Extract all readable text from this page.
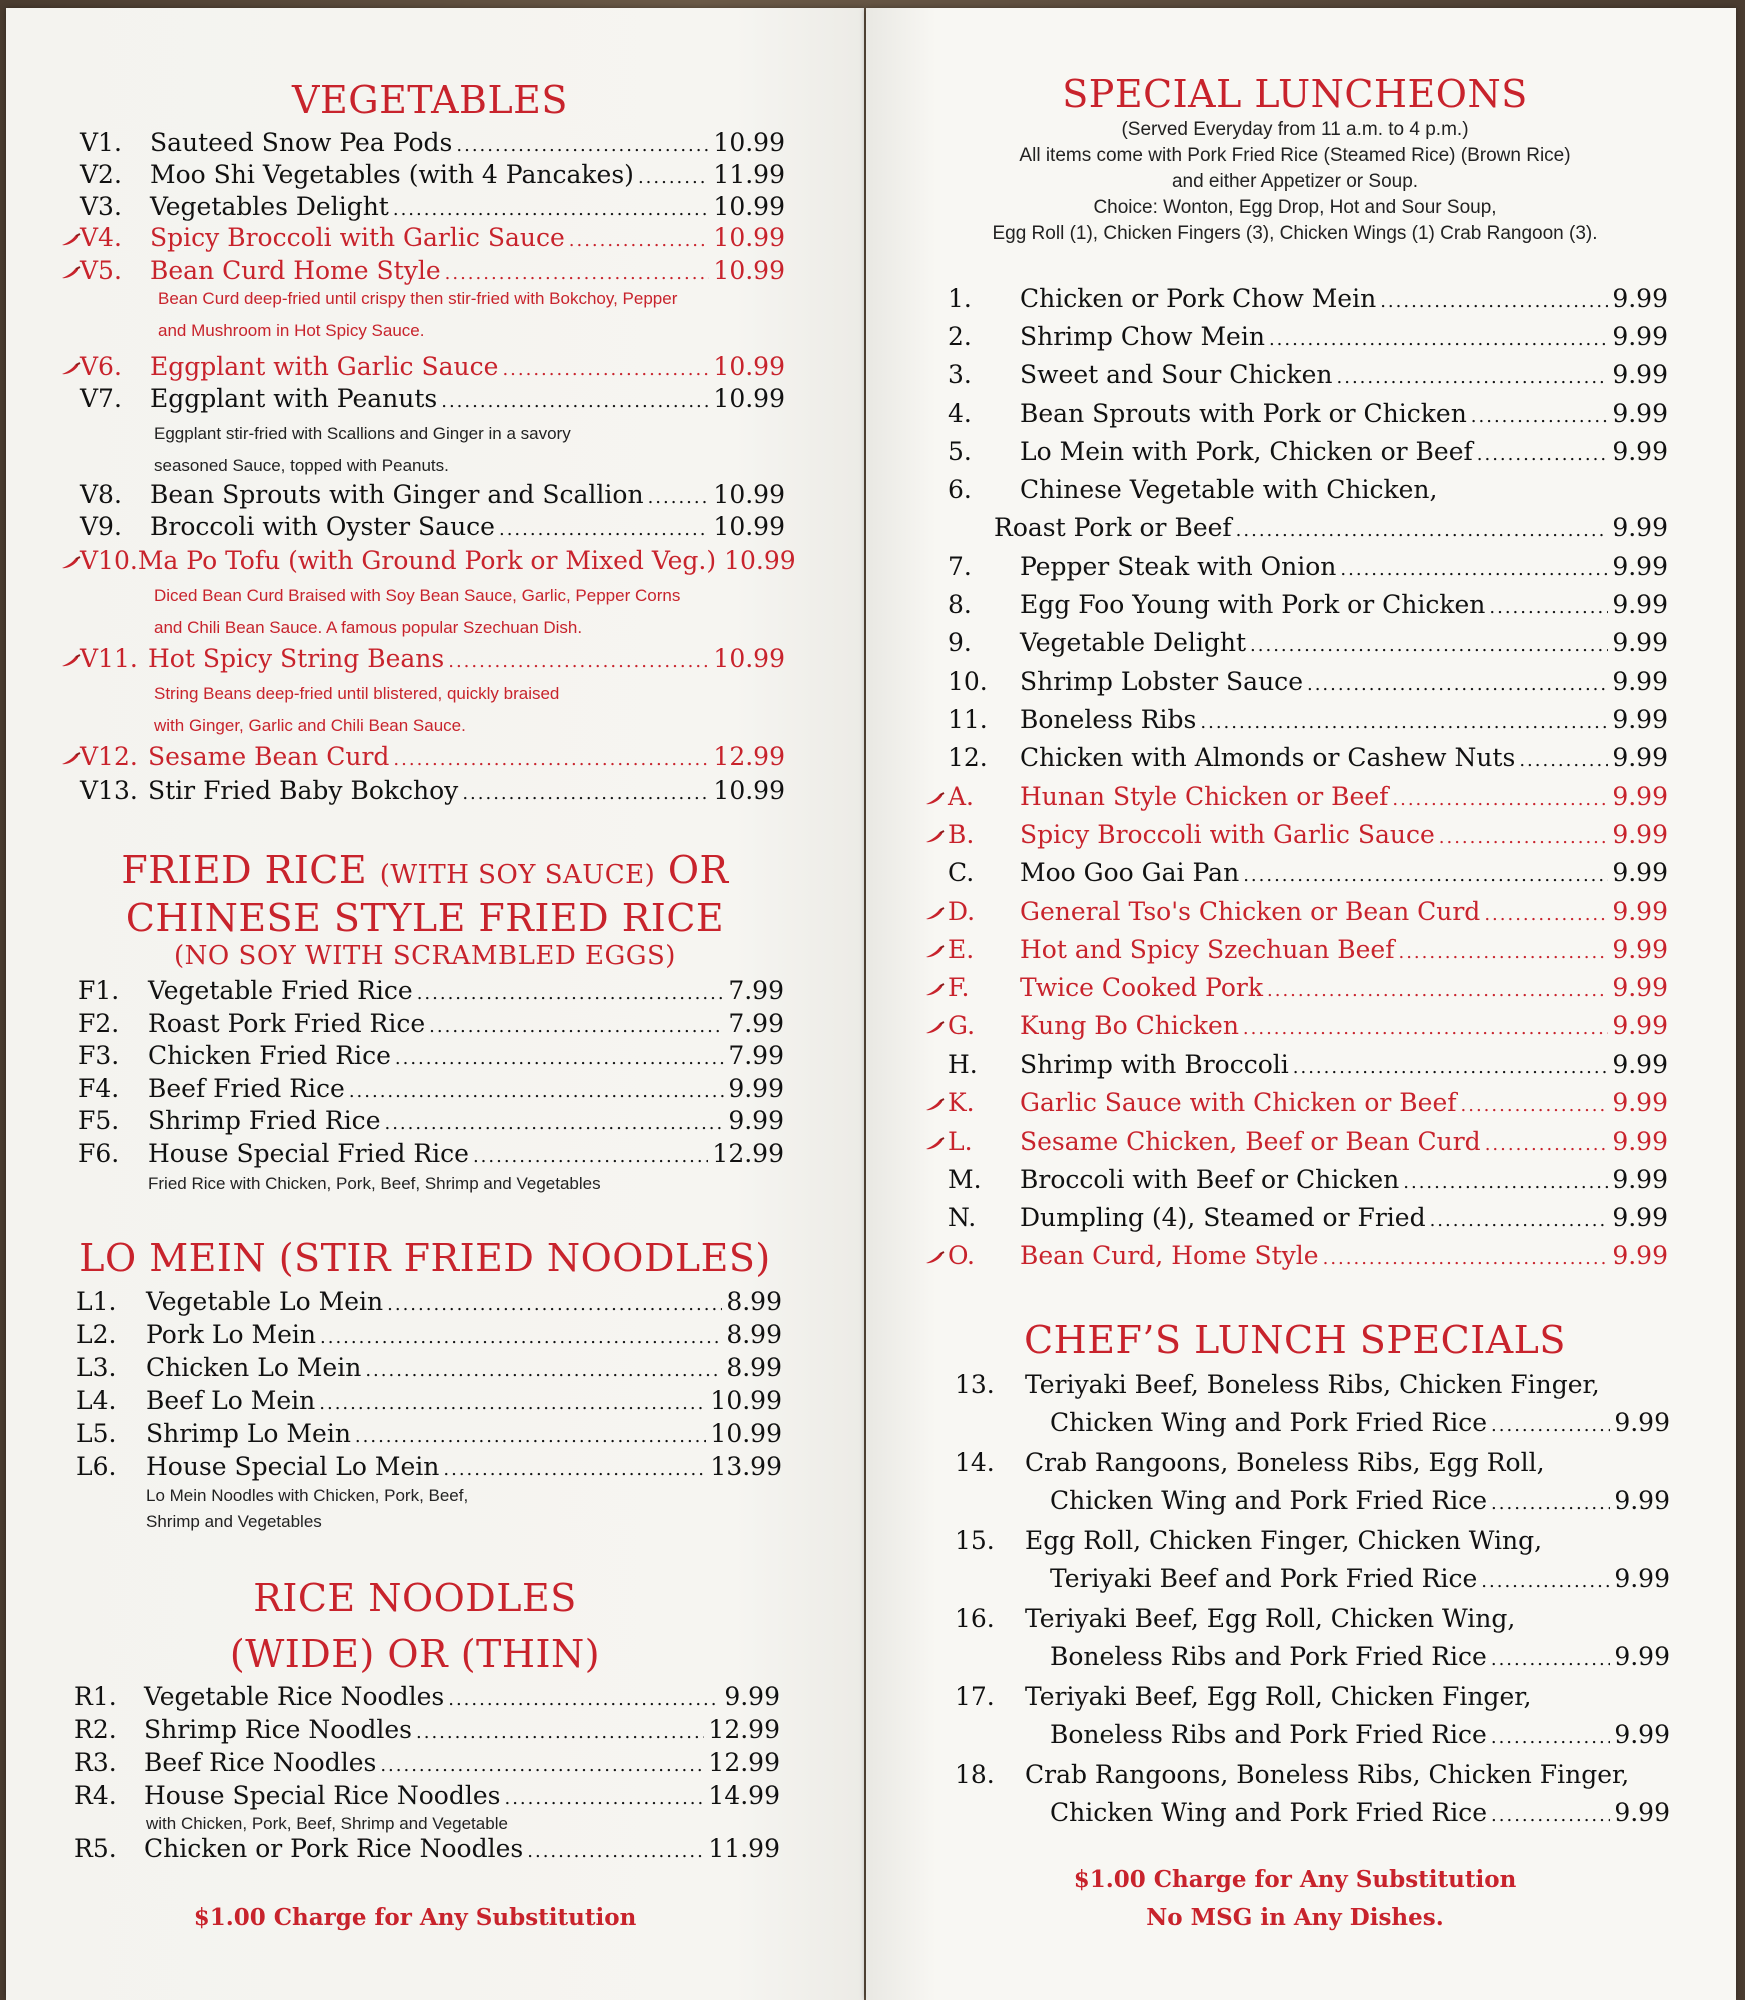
VEGETABLES
V1.	Sauteed Snow Pea Pods .....	10.99
V2.	Moo Shi Vegetables (with 4 Pancakes) .....	11.99
V3.	Vegetables Delight .....	10.99
V4.	Spicy Broccoli with Garlic Sauce .....	10.99
V5.	Bean Curd Home Style .....	10.99
V6.	Eggplant with Garlic Sauce .....	10.99
V7.	Eggplant with Peanuts .....	10.99
V8.	Bean Sprouts with Ginger and Scallion .....	10.99
V9.	Broccoli with Oyster Sauce .....	10.99
V10. Ma Po Tofu (with Ground Pork or Mixed Veg.) 10.99
V11. Hot Spicy String Beans .....	10.99
V12. Sesame Bean Curd .....	12.99
V13. Stir Fried Baby Bokchoy .....	10.99
Bean Curd deep-fried until crispy then stir-fried with Bokchoy, Pepper
and Mushroom in Hot Spicy Sauce.
Eggplant stir-fried with Scallions and Ginger in a savory
seasoned Sauce, topped with Peanuts.
Diced Bean Curd Braised with Soy Bean Sauce, Garlic, Pepper Corns
and Chili Bean Sauce. A famous popular Szechuan Dish.
String Beans deep-fried until blistered, quickly braised
with Ginger, Garlic and Chili Bean Sauce.
FRIED RICE (WITH SOY SAUCE) OR
CHINESE STYLE FRIED RICE
(NO SOY WITH SCRAMBLED EGGS)
F1.	Vegetable Fried Rice .....	7.99
F2.	Roast Pork Fried Rice .....	7.99
F3.	Chicken Fried Rice .....	7.99
F4.	Beef Fried Rice .....	9.99
F5.	Shrimp Fried Rice .....	9.99
F6.	House Special Fried Rice .....	12.99
Fried Rice with Chicken, Pork, Beef, Shrimp and Vegetables
LO MEIN (STIR FRIED NOODLES)
L1.	Vegetable Lo Mein .....	8.99
L2.	Pork Lo Mein .....	8.99
L3.	Chicken Lo Mein .....	8.99
L4.	Beef Lo Mein .....	10.99
L5.	Shrimp Lo Mein .....	10.99
L6.	House Special Lo Mein .....	13.99
Lo Mein Noodles with Chicken, Pork, Beef,
Shrimp and Vegetables
RICE NOODLES
(WIDE) OR (THIN)
R1.	Vegetable Rice Noodles .....	9.99
R2.	Shrimp Rice Noodles .....	12.99
R3.	Beef Rice Noodles .....	12.99
R4.	House Special Rice Noodles .....	14.99
R5.	Chicken or Pork Rice Noodles .....	11.99
with Chicken, Pork, Beef, Shrimp and Vegetable
$1.00 Charge for Any Substitution
SPECIAL LUNCHEONS
(Served Everyday from 11 a.m. to 4 p.m.)
All items come with Pork Fried Rice (Steamed Rice) (Brown Rice)
and either Appetizer or Soup.
Choice: Wonton, Egg Drop, Hot and Sour Soup,
Egg Roll (1), Chicken Fingers (3), Chicken Wings (1) Crab Rangoon (3).
1.	Chicken or Pork Chow Mein .....	9.99
2.	Shrimp Chow Mein .....	9.99
3.	Sweet and Sour Chicken .....	9.99
4.	Bean Sprouts with Pork or Chicken .....	9.99
5.	Lo Mein with Pork, Chicken or Beef .....	9.99
6.	Chinese Vegetable with Chicken,
Roast Pork or Beef .....	9.99
7.	Pepper Steak with Onion .....	9.99
8.	Egg Foo Young with Pork or Chicken .....	9.99
9.	Vegetable Delight .....	9.99
10.	Shrimp Lobster Sauce .....	9.99
11.	Boneless Ribs .....	9.99
12.	Chicken with Almonds or Cashew Nuts .....	9.99
A.	Hunan Style Chicken or Beef .....	9.99
B.	Spicy Broccoli with Garlic Sauce .....	9.99
C.	Moo Goo Gai Pan .....	9.99
D.	General Tso's Chicken or Bean Curd .....	9.99
E.	Hot and Spicy Szechuan Beef .....	9.99
F.	Twice Cooked Pork .....	9.99
G.	Kung Bo Chicken .....	9.99
H.	Shrimp with Broccoli .....	9.99
K.	Garlic Sauce with Chicken or Beef .....	9.99
L.	Sesame Chicken, Beef or Bean Curd .....	9.99
M.	Broccoli with Beef or Chicken .....	9.99
N.	Dumpling (4), Steamed or Fried .....	9.99
O.	Bean Curd, Home Style .....	9.99
CHEF’S LUNCH SPECIALS
13. Teriyaki Beef, Boneless Ribs, Chicken Finger,
Chicken Wing and Pork Fried Rice .....	9.99
14. Crab Rangoons, Boneless Ribs, Egg Roll,
Chicken Wing and Pork Fried Rice .....	9.99
15. Egg Roll, Chicken Finger, Chicken Wing,
Teriyaki Beef and Pork Fried Rice .....	9.99
16. Teriyaki Beef, Egg Roll, Chicken Wing,
Boneless Ribs and Pork Fried Rice .....	9.99
17. Teriyaki Beef, Egg Roll, Chicken Finger,
Boneless Ribs and Pork Fried Rice .....	9.99
18. Crab Rangoons, Boneless Ribs, Chicken Finger,
Chicken Wing and Pork Fried Rice .....	9.99
$1.00 Charge for Any Substitution
No MSG in Any Dishes.
